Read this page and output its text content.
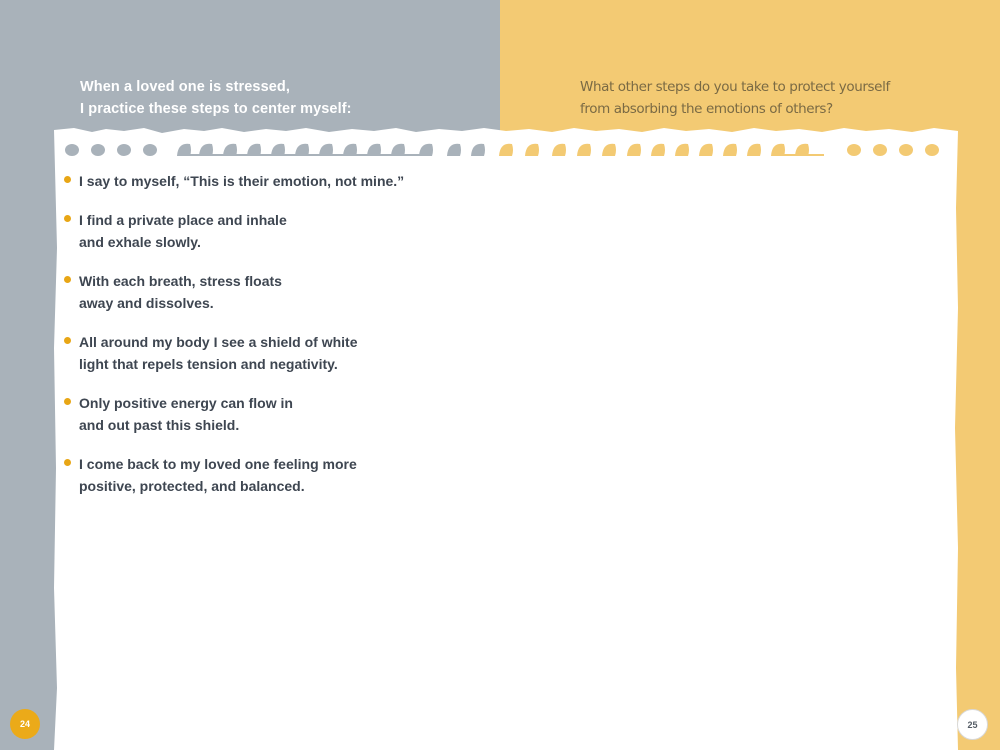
When a loved one is stressed,
I practice these steps to center myself:
What other steps do you take to protect yourself
from absorbing the emotions of others?
I say to myself, “This is their emotion, not mine.”
I find a private place and inhale
and exhale slowly.
With each breath, stress floats
away and dissolves.
All around my body I see a shield of white
light that repels tension and negativity.
Only positive energy can flow in
and out past this shield.
I come back to my loved one feeling more
positive, protected, and balanced.
24	25
